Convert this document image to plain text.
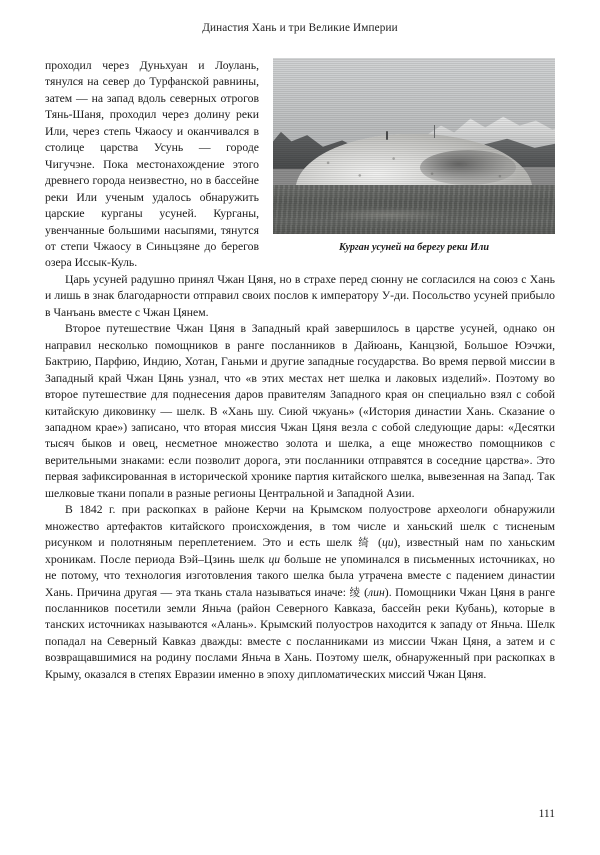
Династия Хань и три Великие Империи
Курган усуней на берегу реки Или

проходил через Дуньхуан и Лоулань, тянулся на север до Турфанской равнины, затем — на запад вдоль северных отрогов Тянь-Шаня, проходил через долину реки Или, через степь Чжаосу и оканчивался в столице царства Усунь — городе Чигучэне. Пока местонахождение этого древнего города неизвестно, но в бассейне реки Или ученым удалось обнаружить царские курганы усуней. Курганы, увенчанные большими насыпями, тянутся от степи Чжаосу в Синьцзяне до берегов озера Иссык-Куль.

Царь усуней радушно принял Чжан Цяня, но в страхе перед сюнну не согласился на союз с Хань и лишь в знак благодарности отправил своих послов к императору У-ди. Посольство усуней прибыло в Чанъань вместе с Чжан Цянем.

Второе путешествие Чжан Цяня в Западный край завершилось в царстве усуней, однако он направил несколько помощников в ранге посланников в Дайюань, Канцзюй, Большое Юэчжи, Бактрию, Парфию, Индию, Хотан, Ганьми и другие западные государства. Во время первой миссии в Западный край Чжан Цянь узнал, что «в этих местах нет шелка и лаковых изделий». Поэтому во второе путешествие для поднесения даров правителям Западного края он специально взял с собой китайскую диковинку — шелк. В «Хань шу. Сиюй чжуань» («История династии Хань. Сказание о западном крае») записано, что вторая миссия Чжан Цяня везла с собой следующие дары: «Десятки тысяч быков и овец, несметное множество золота и шелка, а еще множество помощников с верительными знаками: если позволит дорога, эти посланники отправятся в соседние царства». Это первая зафиксированная в исторической хронике партия китайского шелка, вывезенная на Запад. Так шелковые ткани попали в разные регионы Центральной и Западной Азии.

В 1842 г. при раскопках в районе Керчи на Крымском полуострове археологи обнаружили множество артефактов китайского происхождения, в том числе и ханьский шелк с тисненым рисунком и полотняным переплетением. Это и есть шелк 绮 (ци), известный нам по ханьским хроникам. После периода Вэй–Цзинь шелк ци больше не упоминался в письменных источниках, но не потому, что технология изготовления такого шелка была утрачена вместе с падением династии Хань. Причина другая — эта ткань стала называться иначе: 绫 (лин). Помощники Чжан Цяня в ранге посланников посетили земли Яньча (район Северного Кавказа, бассейн реки Кубань), которые в танских источниках называются «Алань». Крымский полуостров находится к западу от Яньча. Шелк попадал на Северный Кавказ дважды: вместе с посланниками из миссии Чжан Цяня, а затем и с возвращавшимися на родину послами Яньча в Хань. Поэтому шелк, обнаруженный при раскопках в Крыму, оказался в степях Евразии именно в эпоху дипломатических миссий Чжан Цяня.

111
